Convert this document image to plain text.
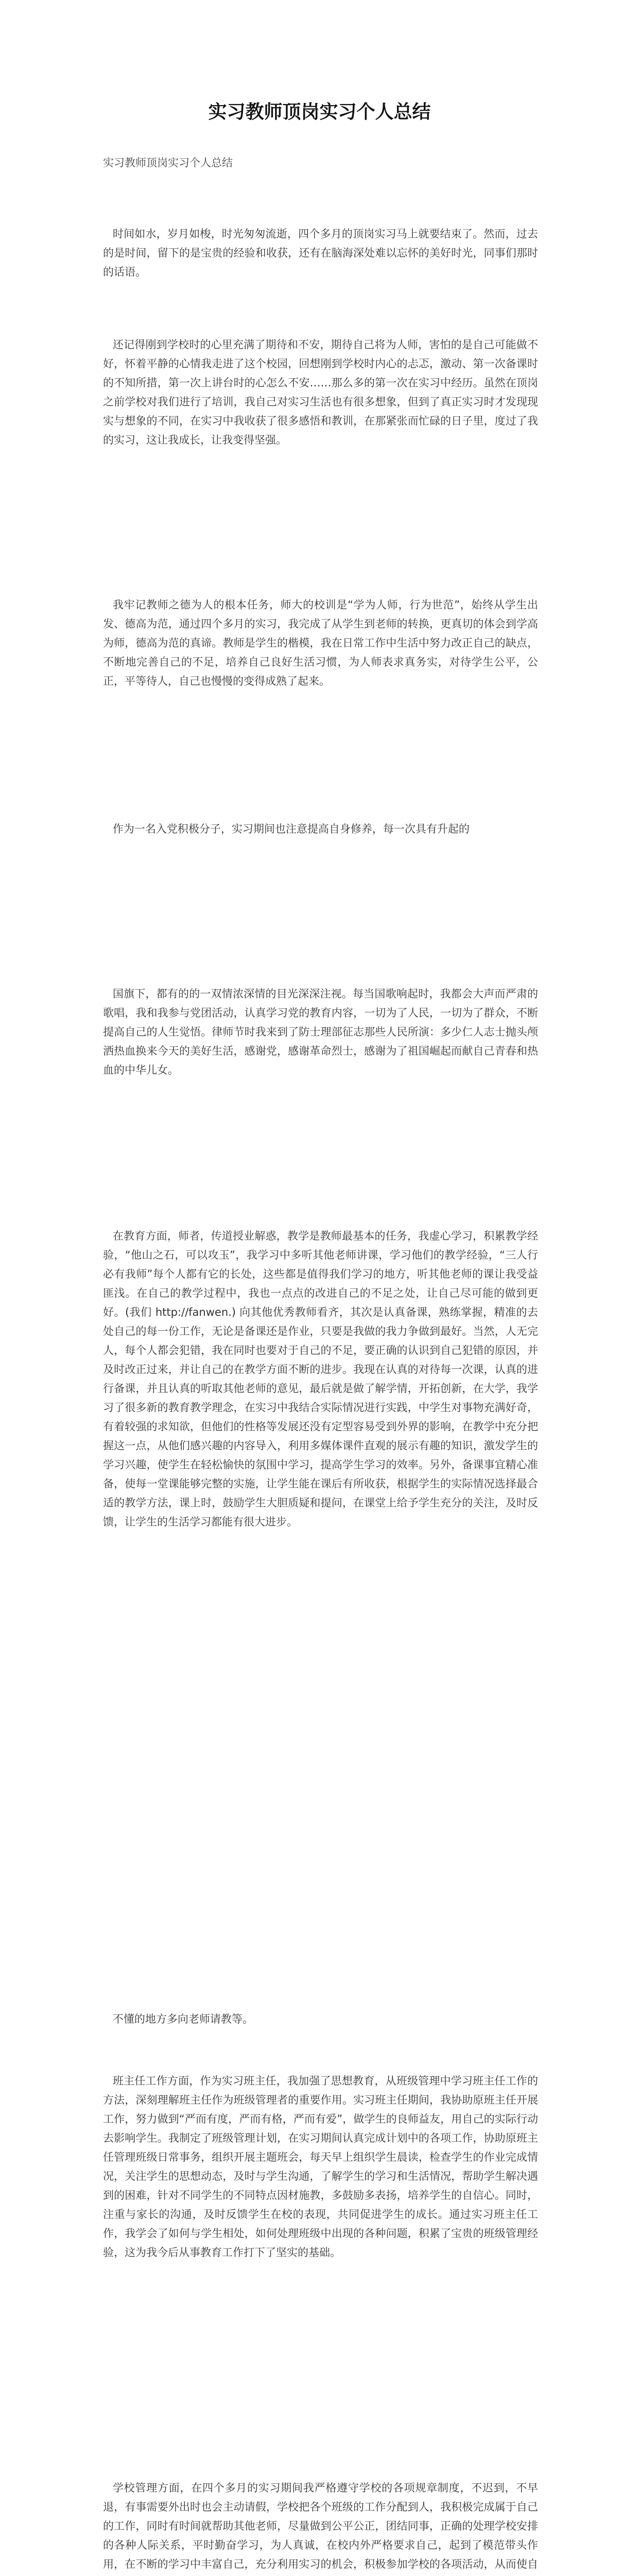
实习教师顶岗实习个人总结
实习教师顶岗实习个人总结

时间如水，岁月如梭，时光匆匆流逝，四个多月的顶岗实习马上就要结束了。然而，过去的是时间，留下的是宝贵的经验和收获，还有在脑海深处难以忘怀的美好时光，同事们那时的话语。

还记得刚到学校时的心里充满了期待和不安，期待自己将为人师，害怕的是自己可能做不好，怀着平静的心情我走进了这个校园，回想刚到学校时内心的忐忑，激动、第一次备课时的不知所措，第一次上讲台时的心怎么不安……那么多的第一次在实习中经历。虽然在顶岗之前学校对我们进行了培训，我自己对实习生活也有很多想象，但到了真正实习时才发现现实与想象的不同，在实习中我收获了很多感悟和教训，在那紧张而忙碌的日子里，度过了我的实习，这让我成长，让我变得坚强。

我牢记教师之德为人的根本任务，师大的校训是“学为人师，行为世范”，始终从学生出发、德高为范，通过四个多月的实习，我完成了从学生到老师的转换，更真切的体会到学高为师，德高为范的真谛。教师是学生的楷模，我在日常工作中生活中努力改正自己的缺点，不断地完善自己的不足，培养自己良好生活习惯，为人师表求真务实，对待学生公平，公正，平等待人，自己也慢慢的变得成熟了起来。

作为一名入党积极分子，实习期间也注意提高自身修养，每一次具有升起的

国旗下，都有的的一双情浓深情的目光深深注视。每当国歌响起时，我都会大声而严肃的歌唱，我和我参与党团活动，认真学习党的教育内容，一切为了人民，一切为了群众，不断提高自己的人生觉悟。律师节时我来到了防士理部征志那些人民所演：多少仁人志士抛头颅洒热血换来今天的美好生活，感谢党，感谢革命烈士，感谢为了祖国崛起而献自己青春和热血的中华儿女。

在教育方面，师者，传道授业解惑，教学是教师最基本的任务，我虚心学习，积累教学经验，“他山之石，可以攻玉”，我学习中多听其他老师讲课，学习他们的教学经验，“三人行必有我师”每个人都有它的长处，这些都是值得我们学习的地方，听其他老师的课让我受益匪浅。在自己的教学过程中，我也一点点的改进自己的不足之处，让自己尽可能的做到更好。(我们 http://fanwen.) 向其他优秀教师看齐，其次是认真备课，熟练掌握，精准的去处自己的每一份工作，无论是备课还是作业，只要是我做的我力争做到最好。当然，人无完人，每个人都会犯错，我在同时也要对于自己的不足，要正确的认识到自己犯错的原因，并及时改正过来，并让自己的在教学方面不断的进步。我现在认真的对待每一次课，认真的进行备课，并且认真的听取其他老师的意见，最后就是做了解学情，开拓创新，在大学，我学习了很多新的教育教学理念，在实习中我结合实际情况进行实践，中学生对事物充满好奇，有着较强的求知欲，但他们的性格等发展还没有定型容易受到外界的影响，在教学中充分把握这一点，从他们感兴趣的内容导入，利用多媒体课件直观的展示有趣的知识，激发学生的学习兴趣，使学生在轻松愉快的氛围中学习，提高学生学习的效率。另外，备课事宜精心准备，使每一堂课能够完整的实施，让学生能在课后有所收获，根据学生的实际情况选择最合适的教学方法，课上时，鼓励学生大胆质疑和提问，在课堂上给予学生充分的关注，及时反馈，让学生的生活学习都能有很大进步。

不懂的地方多向老师请教等。

班主任工作方面，作为实习班主任，我加强了思想教育，从班级管理中学习班主任工作的方法，深刻理解班主任作为班级管理者的重要作用。实习班主任期间，我协助原班主任开展工作，努力做到“严而有度，严而有格，严而有爱”，做学生的良师益友，用自己的实际行动去影响学生。我制定了班级管理计划，在实习期间认真完成计划中的各项工作，协助原班主任管理班级日常事务，组织开展主题班会，每天早上组织学生晨读，检查学生的作业完成情况，关注学生的思想动态，及时与学生沟通，了解学生的学习和生活情况，帮助学生解决遇到的困难，针对不同学生的不同特点因材施教，多鼓励多表扬，培养学生的自信心。同时，注重与家长的沟通，及时反馈学生在校的表现，共同促进学生的成长。通过实习班主任工作，我学会了如何与学生相处，如何处理班级中出现的各种问题，积累了宝贵的班级管理经验，这为我今后从事教育工作打下了坚实的基础。

学校管理方面，在四个多月的实习期间我严格遵守学校的各项规章制度，不迟到，不早退，有事需要外出时也会主动请假，学校把各个班级的工作分配到人，我积极完成属于自己的工作，同时有时间就帮助其他老师，尽量做到公平公正，团结同事，正确的处理学校安排的各种人际关系，平时勤奋学习，为人真诚，在校内外严格要求自己，起到了模范带头作用，在不断的学习中丰富自己，充分利用实习的机会，积极参加学校的各项活动，从而使自
